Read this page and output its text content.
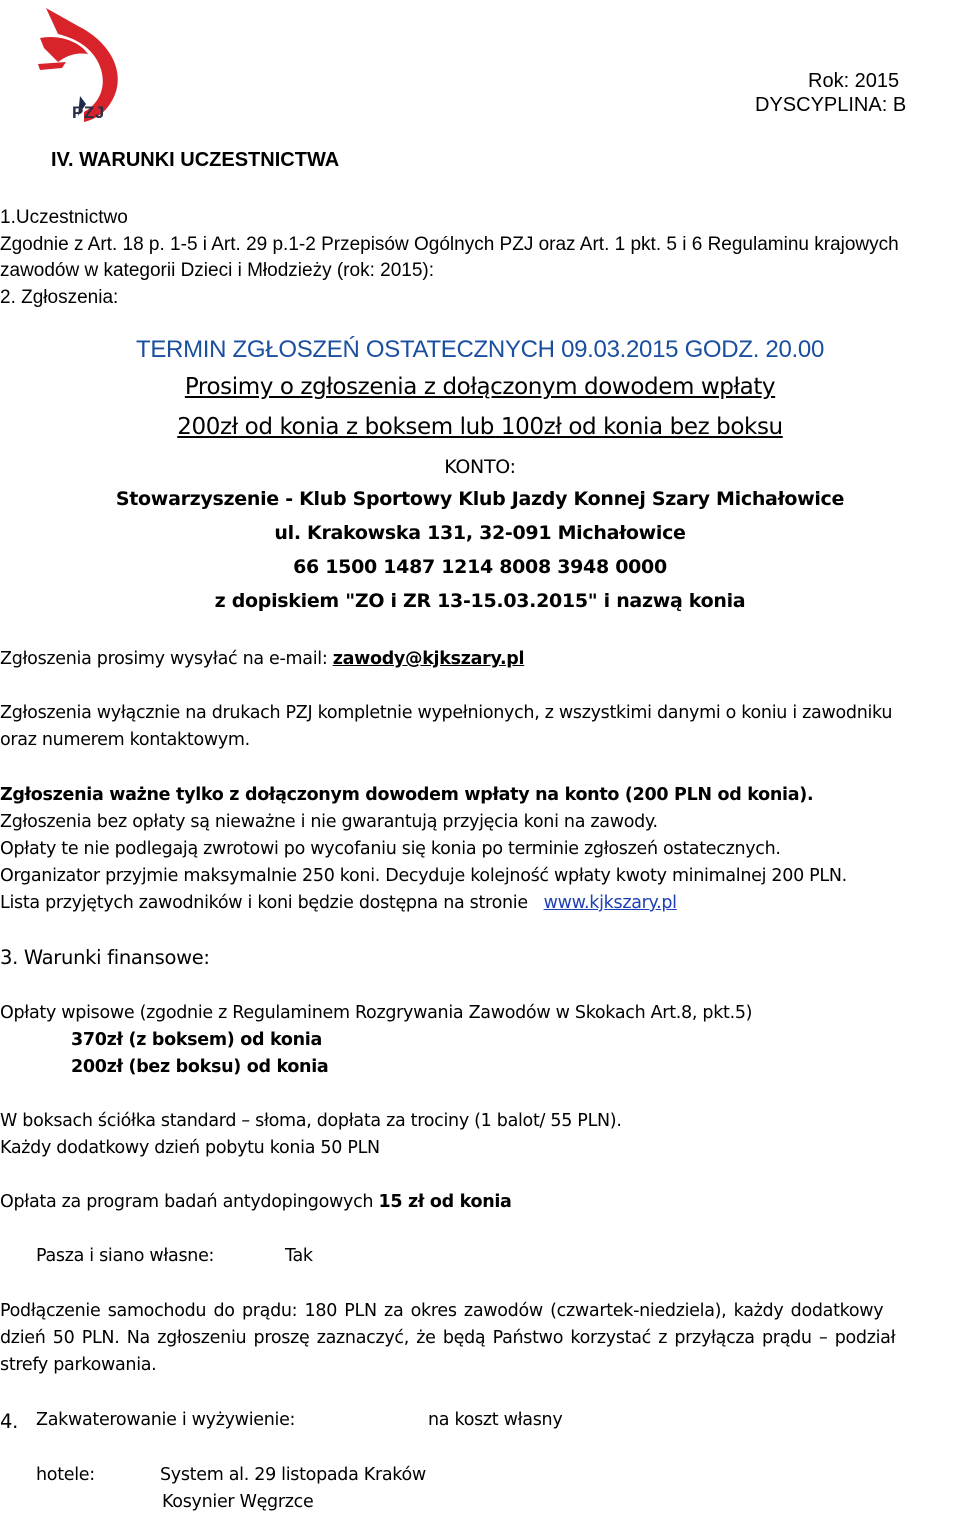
PZJ
Rok: 2015
DYSCYPLINA: B
IV. WARUNKI UCZESTNICTWA
1.Uczestnictwo
Zgodnie z Art. 18 p. 1-5 i Art. 29 p.1-2 Przepisów Ogólnych PZJ oraz Art. 1 pkt. 5 i 6 Regulaminu krajowych
zawodów w kategorii Dzieci i Młodzieży (rok: 2015):
2. Zgłoszenia:
TERMIN ZGŁOSZEŃ OSTATECZNYCH 09.03.2015 GODZ. 20.00
Prosimy o zgłoszenia z dołączonym dowodem wpłaty
200zł od konia z boksem lub 100zł od konia bez boksu
KONTO:
Stowarzyszenie - Klub Sportowy Klub Jazdy Konnej Szary Michałowice
ul. Krakowska 131, 32-091 Michałowice
66 1500 1487 1214 8008 3948 0000
z dopiskiem "ZO i ZR 13-15.03.2015" i nazwą konia
Zgłoszenia prosimy wysyłać na e-mail: zawody@kjkszary.pl
Zgłoszenia wyłącznie na drukach PZJ kompletnie wypełnionych, z wszystkimi danymi o koniu i zawodniku
oraz numerem kontaktowym.
Zgłoszenia ważne tylko z dołączonym dowodem wpłaty na konto (200 PLN od konia).
Zgłoszenia bez opłaty są nieważne i nie gwarantują przyjęcia koni na zawody.
Opłaty te nie podlegają zwrotowi po wycofaniu się konia po terminie zgłoszeń ostatecznych.
Organizator przyjmie maksymalnie 250 koni. Decyduje kolejność wpłaty kwoty minimalnej 200 PLN.
Lista przyjętych zawodników i koni będzie dostępna na stronie   www.kjkszary.pl
3. Warunki finansowe:
Opłaty wpisowe (zgodnie z Regulaminem Rozgrywania Zawodów w Skokach Art.8, pkt.5)
370zł (z boksem) od konia
200zł (bez boksu) od konia
W boksach ściółka standard – słoma, dopłata za trociny (1 balot/ 55 PLN).
Każdy dodatkowy dzień pobytu konia 50 PLN
Opłata za program badań antydopingowych 15 zł od konia
Pasza i siano własne:	Tak
Podłączenie samochodu do prądu: 180 PLN za okres zawodów (czwartek-niedziela), każdy dodatkowy
dzień 50 PLN. Na zgłoszeniu proszę zaznaczyć, że będą Państwo korzystać z przyłącza prądu – podział
strefy parkowania.
4. Zakwaterowanie i wyżywienie:	na koszt własny
hotele:	System al. 29 listopada Kraków
Kosynier Węgrzce
